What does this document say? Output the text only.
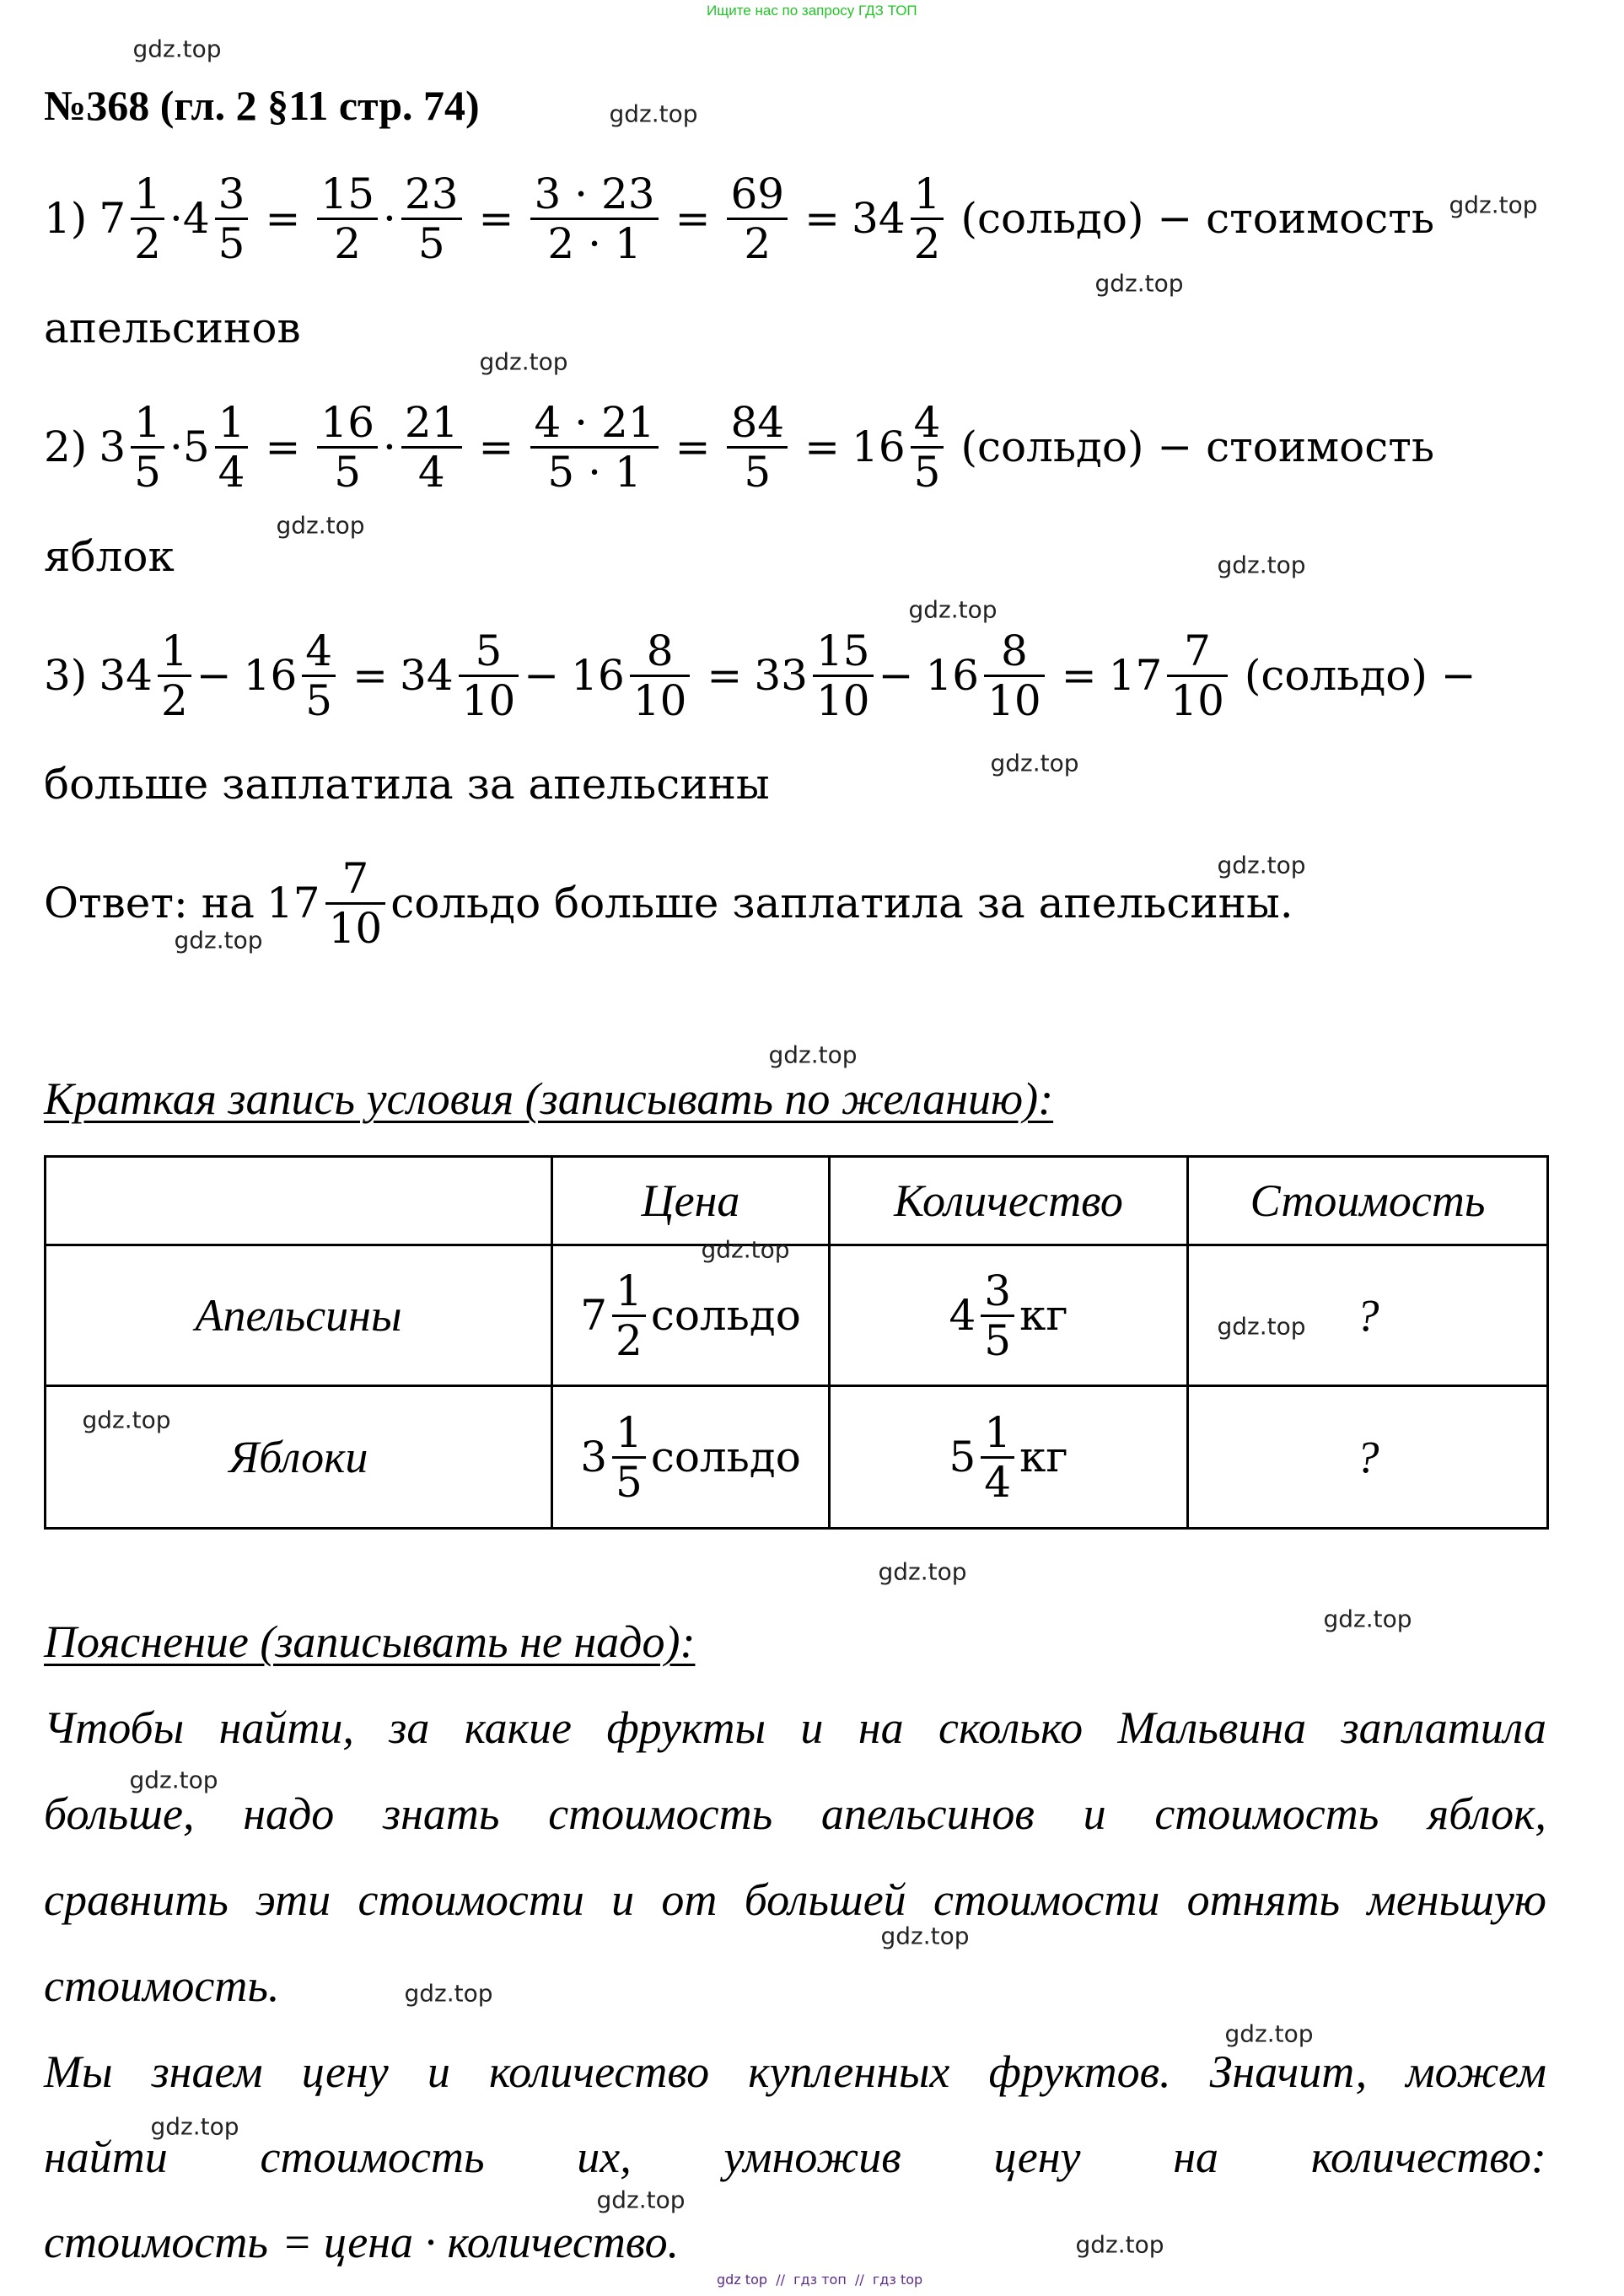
Ищите нас по запросу ГДЗ ТОП
№368 (гл. 2 §11 стр. 74)
1) $7 \frac{1}{2} \cdot 4 \frac{3}{5} = \frac{15}{2} \cdot \frac{23}{5} = \frac{3 \cdot 23}{2 \cdot 1} = \frac{69}{2} = 34 \frac{1}{2}$ (сольдо) − стоимость
апельсинов
2) $3 \frac{1}{5} \cdot 5 \frac{1}{4} = \frac{16}{5} \cdot \frac{21}{4} = \frac{4 \cdot 21}{5 \cdot 1} = \frac{84}{5} = 16 \frac{4}{5}$ (сольдо) − стоимость
яблок
3) $34 \frac{1}{2} - 16 \frac{4}{5} = 34 \frac{5}{10} - 16 \frac{8}{10} = 33 \frac{15}{10} - 16 \frac{8}{10} = 17 \frac{7}{10}$ (сольдо) −
больше заплатила за апельсины
Ответ: на $17 \frac{7}{10}$ сольдо больше заплатила за апельсины.
Краткая запись условия (записывать по желанию):
	Цена	Количество	Стоимость
Апельсины	$7 \frac{1}{2}$ сольдо	$4 \frac{3}{5}$ кг	?
Яблоки	$3 \frac{1}{5}$ сольдо	$5 \frac{1}{4}$ кг	?
Пояснение (записывать не надо):
Чтобы найти, за какие фрукты и на сколько Мальвина заплатила
больше, надо знать стоимость апельсинов и стоимость яблок,
сравнить эти стоимости и от большей стоимости отнять меньшую
стоимость.
Мы знаем цену и количество купленных фруктов. Значит, можем
найти стоимость их, умножив цену на количество:
стоимость = цена · количество.
gdz.top
gdz.top
gdz.top
gdz.top
gdz.top
gdz.top
gdz.top
gdz.top
gdz.top
gdz.top
gdz.top
gdz.top
gdz.top
gdz.top
gdz.top
gdz.top
gdz.top
gdz.top
gdz.top
gdz.top
gdz.top
gdz.top
gdz.top
gdz.top
gdz top  //  гдз топ  //  гдз top
